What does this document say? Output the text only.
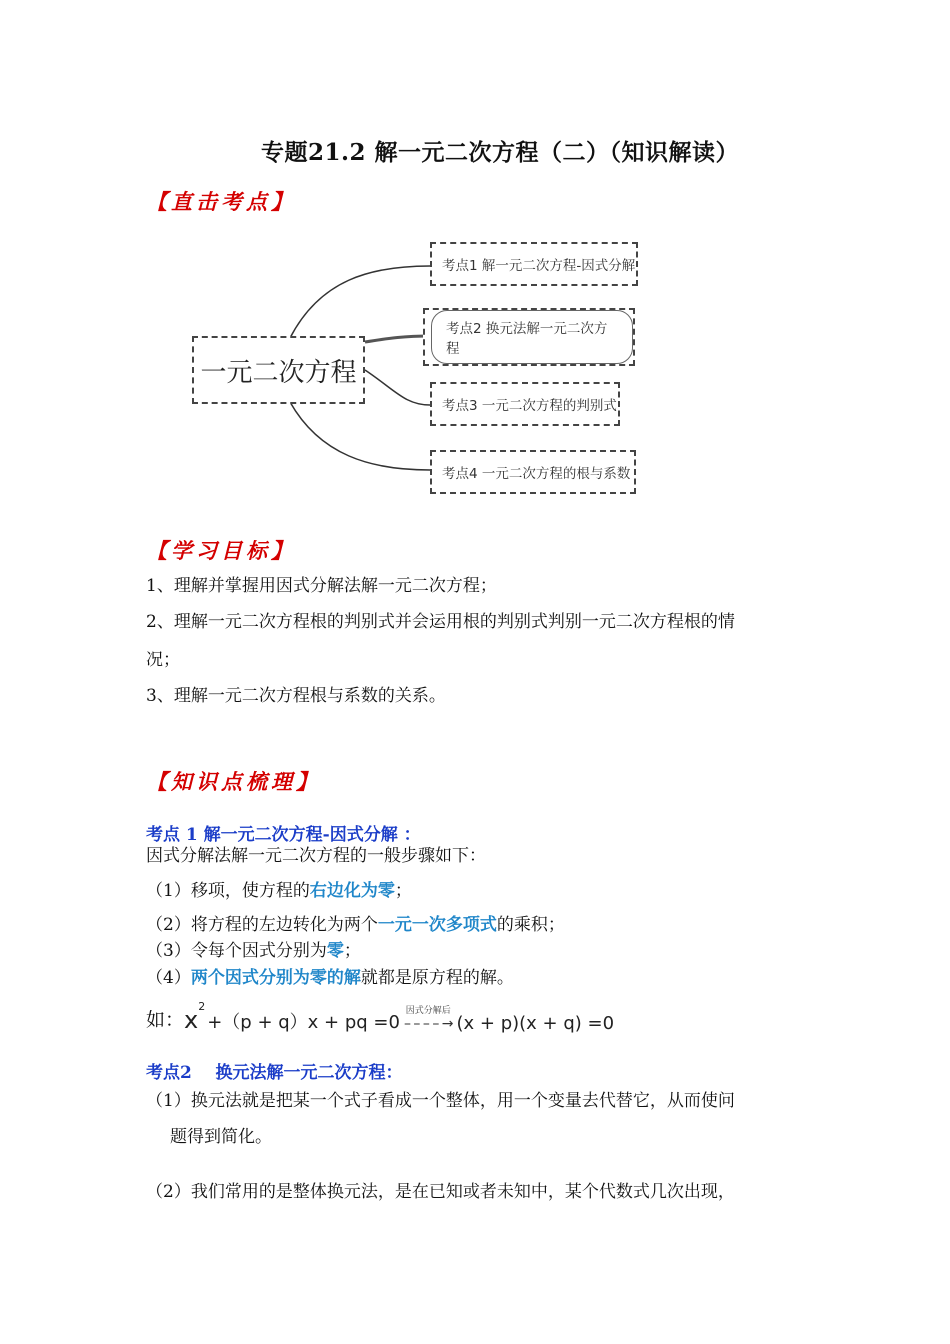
专题21.2 解一元二次方程（二）（知识解读）
【直击考点】
一元二次方程
考点1 解一元二次方程-因式分解
考点2 换元法解一元二次方程
考点3 一元二次方程的判别式
考点4 一元二次方程的根与系数
【学习目标】
1、理解并掌握用因式分解法解一元二次方程；
2、理解一元二次方程根的判别式并会运用根的判别式判别一元二次方程根的情
况；
3、理解一元二次方程根与系数的关系。
【知识点梳理】
考点 1 解一元二次方程-因式分解 ：
因式分解法解一元二次方程的一般步骤如下：
（1）移项，使方程的右边化为零；
（2）将方程的左边转化为两个一元一次多项式的乘积；
（3）令每个因式分别为零；
（4）两个因式分别为零的解就都是原方程的解。
如： $x^2$
+（p + q）x + pq =0
因式分解后
– – – – → (x + p)(x + q) =0
考点2    换元法解一元二次方程：
（1）换元法就是把某一个式子看成一个整体，用一个变量去代替它，从而使问
题得到简化。
（2）我们常用的是整体换元法，是在已知或者未知中，某个代数式几次出现，
